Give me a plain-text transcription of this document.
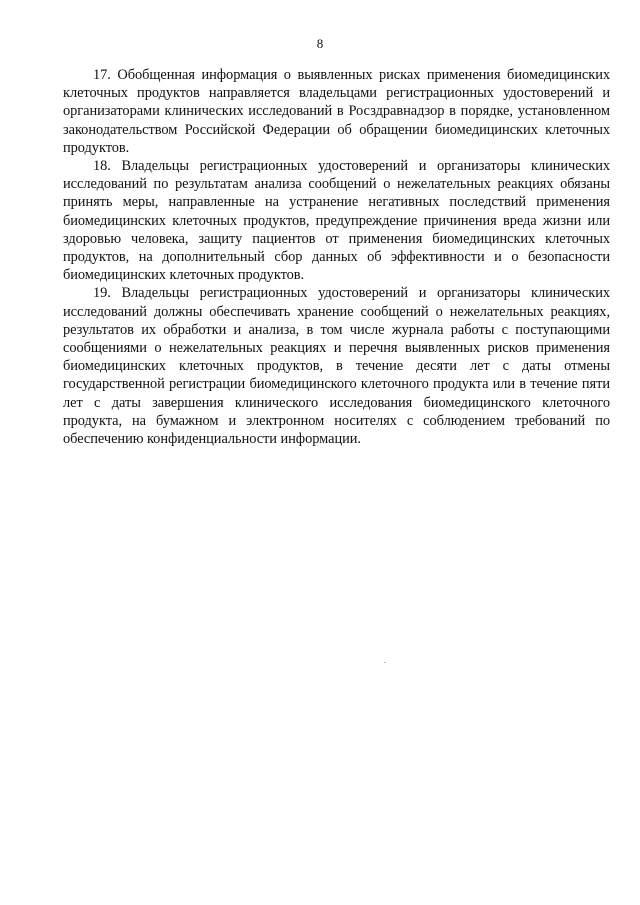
8

17. Обобщенная информация о выявленных рисках применения биомедицинских клеточных продуктов направляется владельцами регистрационных удостоверений и организаторами клинических исследований в Росздравнадзор в порядке, установленном законодательством Российской Федерации об обращении биомедицинских клеточных продуктов.

18. Владельцы регистрационных удостоверений и организаторы клинических исследований по результатам анализа сообщений о нежелательных реакциях обязаны принять меры, направленные на устранение негативных последствий применения биомедицинских клеточных продуктов, предупреждение причинения вреда жизни или здоровью человека, защиту пациентов от применения биомедицинских клеточных продуктов, на дополнительный сбор данных об эффективности и о безопасности биомедицинских клеточных продуктов.

19. Владельцы регистрационных удостоверений и организаторы клинических исследований должны обеспечивать хранение сообщений о нежелательных реакциях, результатов их обработки и анализа, в том числе журнала работы с поступающими сообщениями о нежелательных реакциях и перечня выявленных рисков применения биомедицинских клеточных продуктов, в течение десяти лет с даты отмены государственной регистрации биомедицинского клеточного продукта или в течение пяти лет с даты завершения клинического исследования биомедицинского клеточного продукта, на бумажном и электронном носителях с соблюдением требований по обеспечению конфиденциальности информации.
